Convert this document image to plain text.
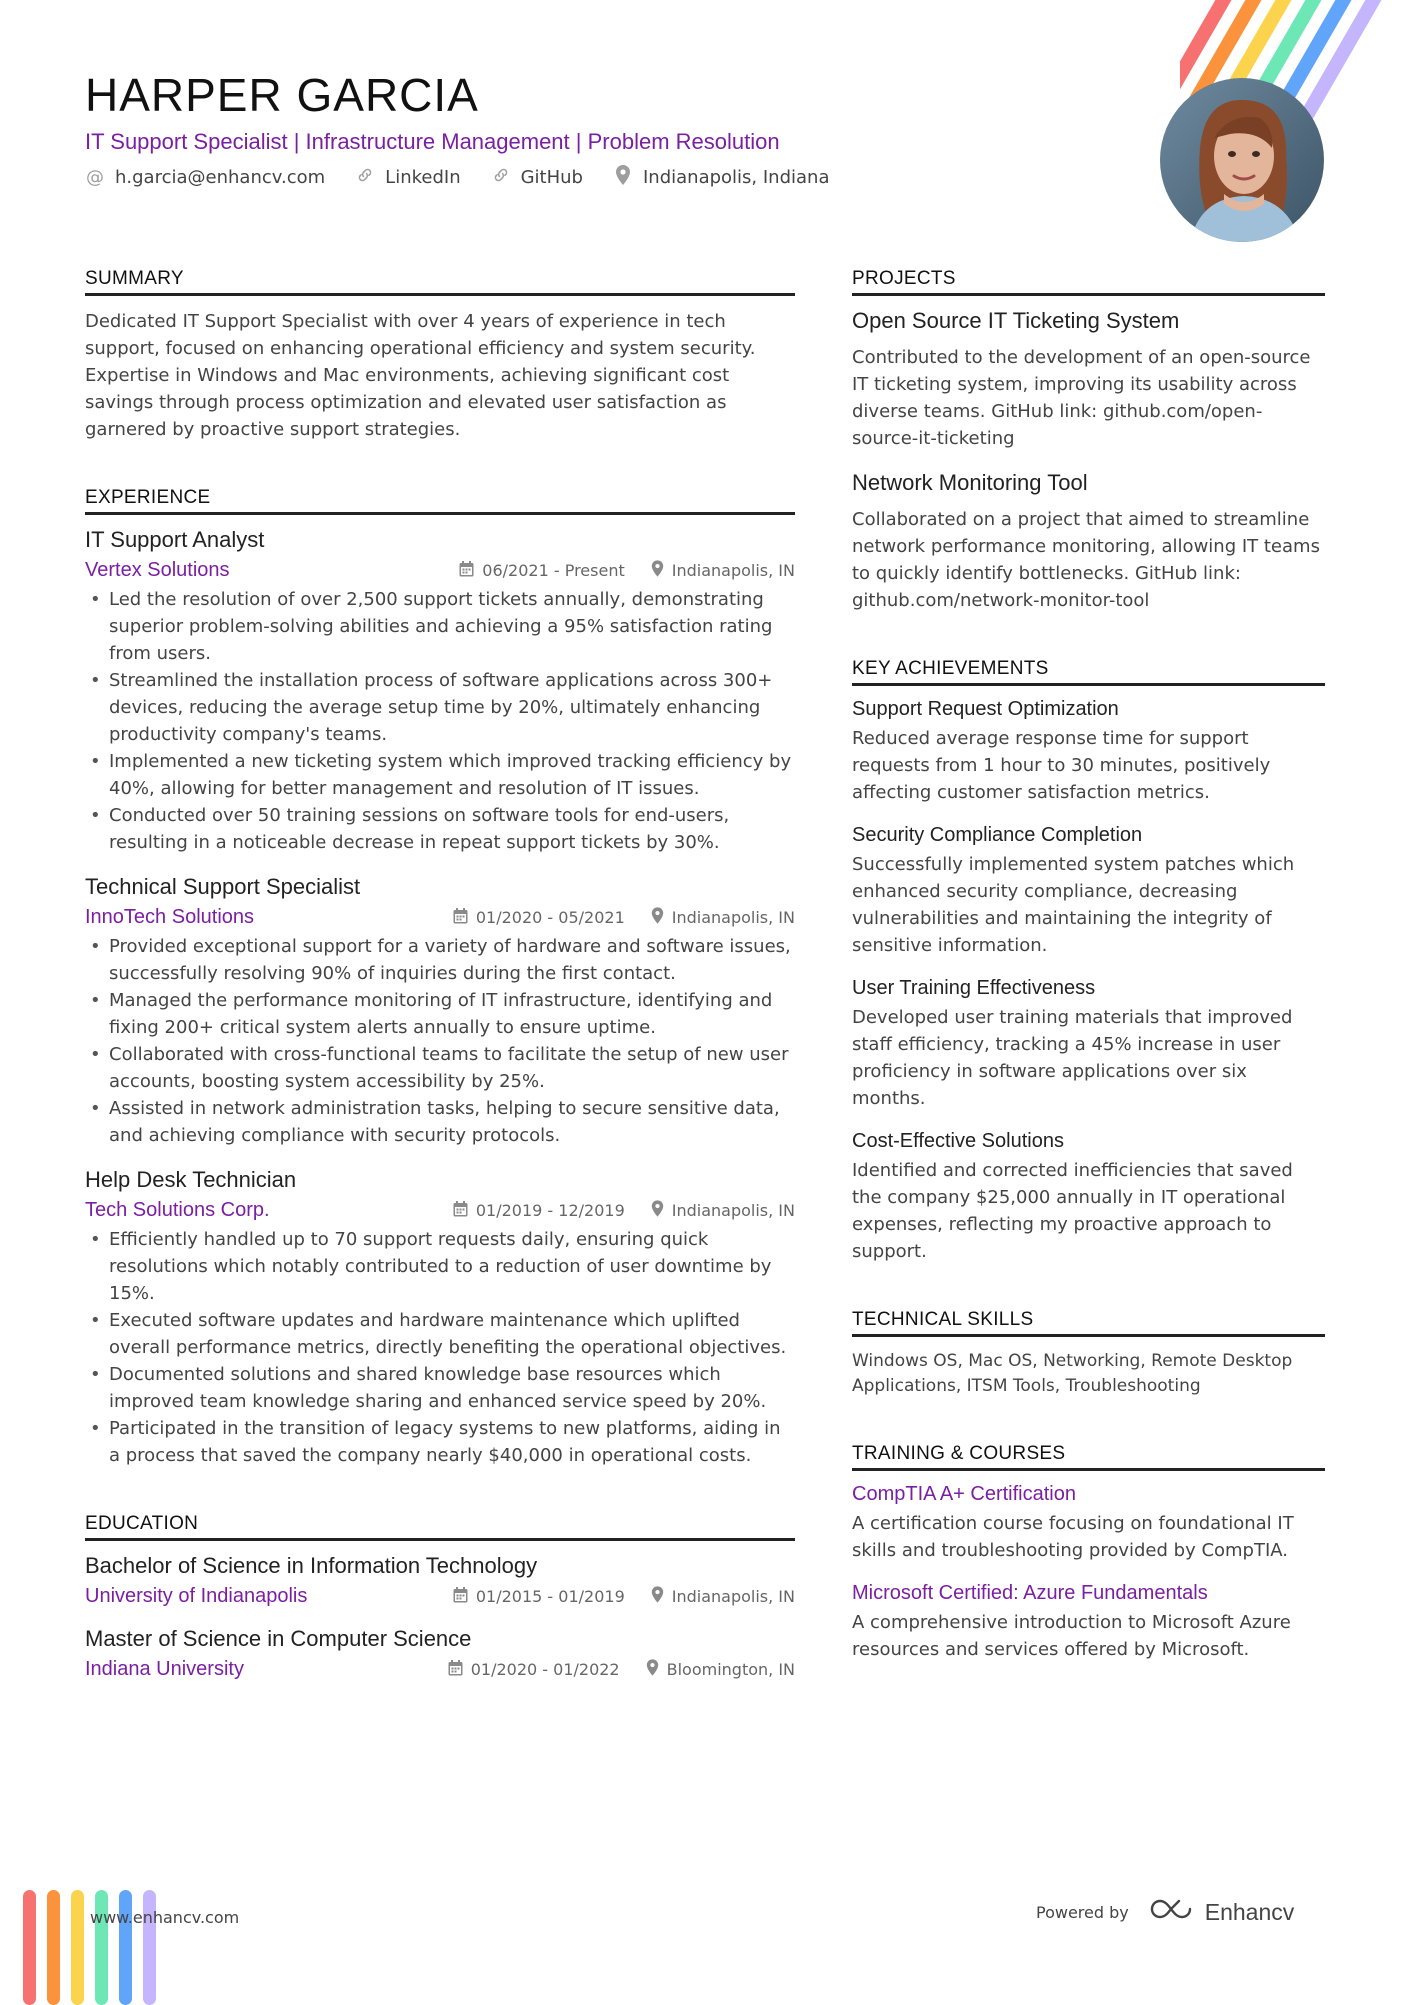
HARPER GARCIA
IT Support Specialist | Infrastructure Management | Problem Resolution
@ h.garcia@enhancv.com	LinkedIn	GitHub	Indianapolis, Indiana
SUMMARY
Dedicated IT Support Specialist with over 4 years of experience in tech support, focused on enhancing operational efficiency and system security. Expertise in Windows and Mac environments, achieving significant cost savings through process optimization and elevated user satisfaction as garnered by proactive support strategies.
EXPERIENCE
IT Support Analyst
Vertex Solutions	06/2021 - Present	Indianapolis, IN
• Led the resolution of over 2,500 support tickets annually, demonstrating superior problem-solving abilities and achieving a 95% satisfaction rating from users.
• Streamlined the installation process of software applications across 300+ devices, reducing the average setup time by 20%, ultimately enhancing productivity company's teams.
• Implemented a new ticketing system which improved tracking efficiency by 40%, allowing for better management and resolution of IT issues.
• Conducted over 50 training sessions on software tools for end-users, resulting in a noticeable decrease in repeat support tickets by 30%.
Technical Support Specialist
InnoTech Solutions	01/2020 - 05/2021	Indianapolis, IN
• Provided exceptional support for a variety of hardware and software issues, successfully resolving 90% of inquiries during the first contact.
• Managed the performance monitoring of IT infrastructure, identifying and fixing 200+ critical system alerts annually to ensure uptime.
• Collaborated with cross-functional teams to facilitate the setup of new user accounts, boosting system accessibility by 25%.
• Assisted in network administration tasks, helping to secure sensitive data, and achieving compliance with security protocols.
Help Desk Technician
Tech Solutions Corp.	01/2019 - 12/2019	Indianapolis, IN
• Efficiently handled up to 70 support requests daily, ensuring quick resolutions which notably contributed to a reduction of user downtime by 15%.
• Executed software updates and hardware maintenance which uplifted overall performance metrics, directly benefiting the operational objectives.
• Documented solutions and shared knowledge base resources which improved team knowledge sharing and enhanced service speed by 20%.
• Participated in the transition of legacy systems to new platforms, aiding in a process that saved the company nearly $40,000 in operational costs.
EDUCATION
Bachelor of Science in Information Technology
University of Indianapolis	01/2015 - 01/2019	Indianapolis, IN
Master of Science in Computer Science
Indiana University	01/2020 - 01/2022	Bloomington, IN
PROJECTS
Open Source IT Ticketing System
Contributed to the development of an open-source IT ticketing system, improving its usability across diverse teams. GitHub link: github.com/open-source-it-ticketing
Network Monitoring Tool
Collaborated on a project that aimed to streamline network performance monitoring, allowing IT teams to quickly identify bottlenecks. GitHub link: github.com/network-monitor-tool
KEY ACHIEVEMENTS
Support Request Optimization
Reduced average response time for support requests from 1 hour to 30 minutes, positively affecting customer satisfaction metrics.
Security Compliance Completion
Successfully implemented system patches which enhanced security compliance, decreasing vulnerabilities and maintaining the integrity of sensitive information.
User Training Effectiveness
Developed user training materials that improved staff efficiency, tracking a 45% increase in user proficiency in software applications over six months.
Cost-Effective Solutions
Identified and corrected inefficiencies that saved the company $25,000 annually in IT operational expenses, reflecting my proactive approach to support.
TECHNICAL SKILLS
Windows OS, Mac OS, Networking, Remote Desktop Applications, ITSM Tools, Troubleshooting
TRAINING & COURSES
CompTIA A+ Certification
A certification course focusing on foundational IT skills and troubleshooting provided by CompTIA.
Microsoft Certified: Azure Fundamentals
A comprehensive introduction to Microsoft Azure resources and services offered by Microsoft.
www.enhancv.com	Powered by	Enhancv
